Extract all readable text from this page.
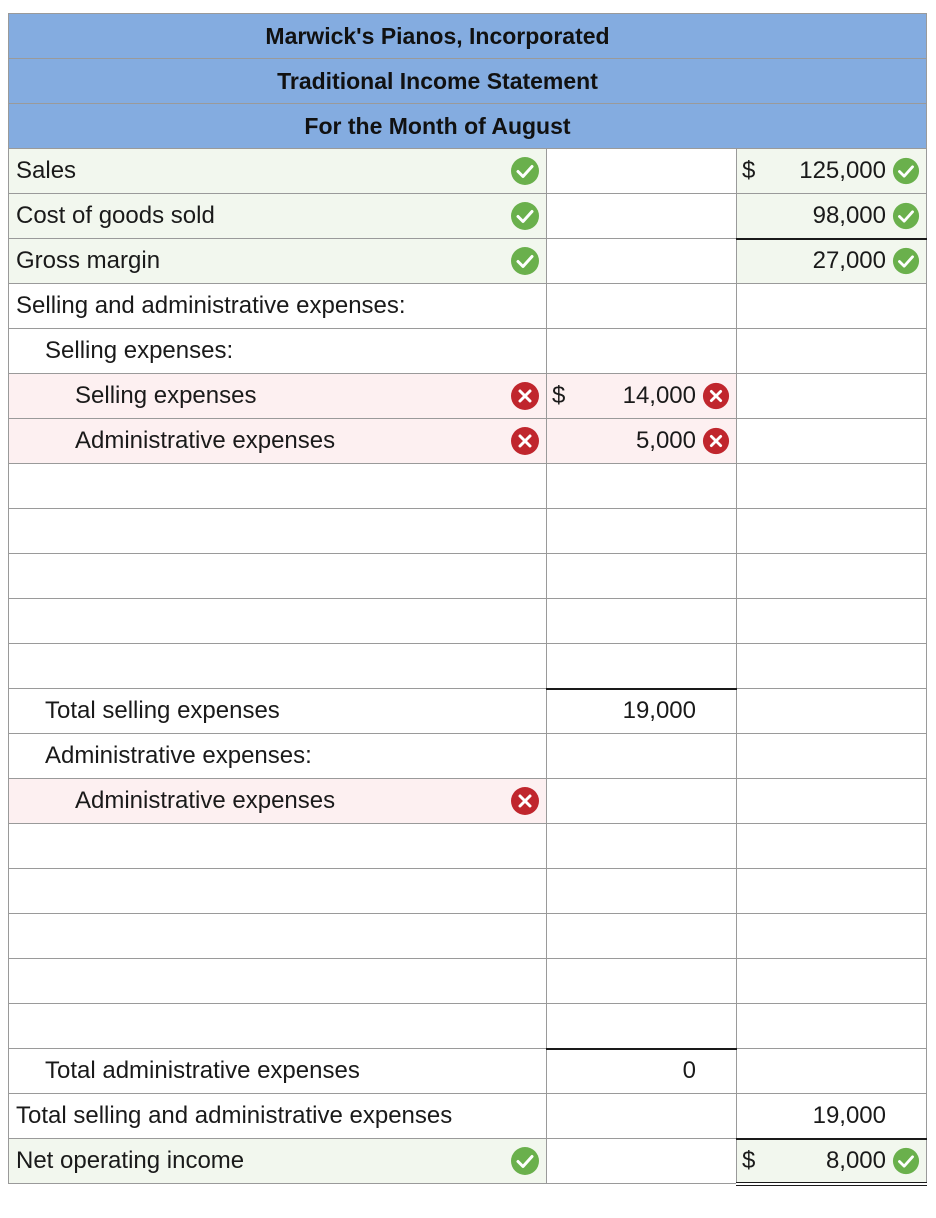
Marwick's Pianos, Incorporated		
Traditional Income Statement		
For the Month of August		

Sales		$ 125,000

Cost of goods sold		98,000

Gross margin		27,000

Selling and administrative expenses:		

Selling expenses:		

Selling expenses	$ 14,000	

Administrative expenses	5,000	

Total selling expenses	19,000	

Administrative expenses:		

Administrative expenses		

Total administrative expenses	0	

Total selling and administrative expenses		19,000

Net operating income		$ 8,000
